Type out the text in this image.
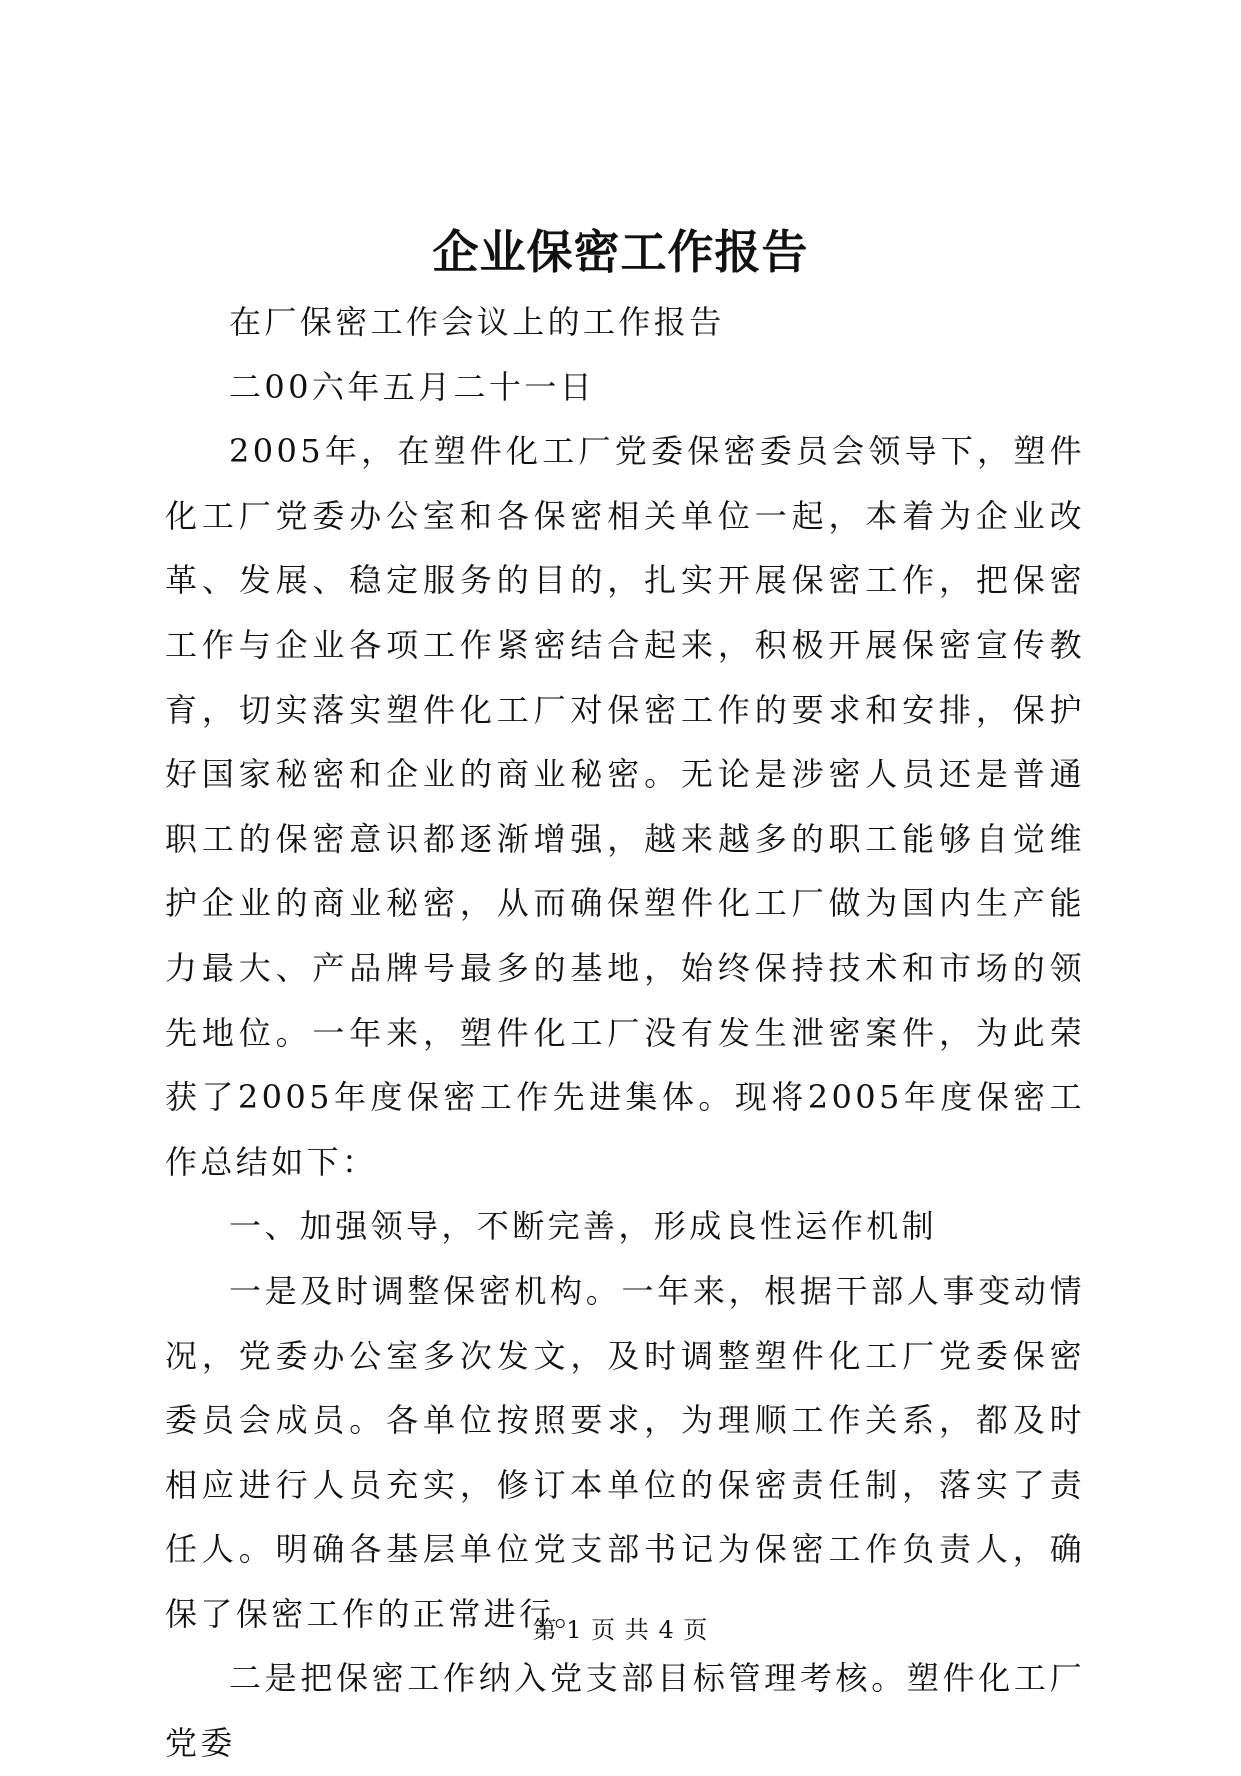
企业保密工作报告

在厂保密工作会议上的工作报告

二00六年五月二十一日

2005年，在塑件化工厂党委保密委员会领导下，塑件化工厂党委办公室和各保密相关单位一起，本着为企业改革、发展、稳定服务的目的，扎实开展保密工作，把保密工作与企业各项工作紧密结合起来，积极开展保密宣传教育，切实落实塑件化工厂对保密工作的要求和安排，保护好国家秘密和企业的商业秘密。无论是涉密人员还是普通职工的保密意识都逐渐增强，越来越多的职工能够自觉维护企业的商业秘密，从而确保塑件化工厂做为国内生产能力最大、产品牌号最多的基地，始终保持技术和市场的领先地位。一年来，塑件化工厂没有发生泄密案件，为此荣获了2005年度保密工作先进集体。现将2005年度保密工作总结如下：

一、加强领导，不断完善，形成良性运作机制

一是及时调整保密机构。一年来，根据干部人事变动情况，党委办公室多次发文，及时调整塑件化工厂党委保密委员会成员。各单位按照要求，为理顺工作关系，都及时相应进行人员充实，修订本单位的保密责任制，落实了责任人。明确各基层单位党支部书记为保密工作负责人，确保了保密工作的正常进行。

二是把保密工作纳入党支部目标管理考核。塑件化工厂党委

第 1 页 共 4 页
